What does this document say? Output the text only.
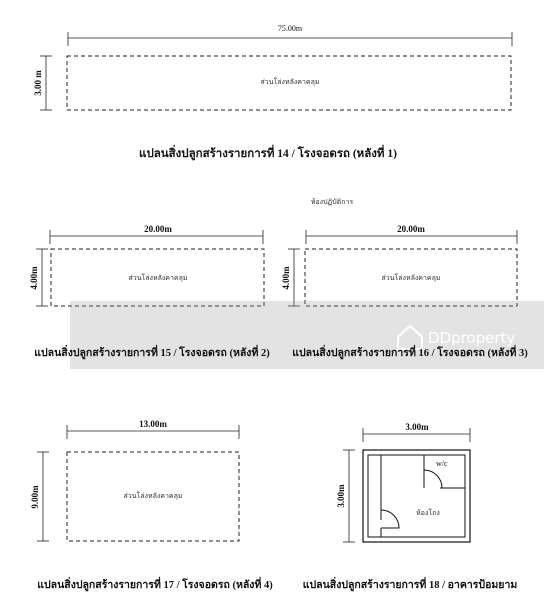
75.00m
3.00 m	ส่วนโล่งหลังคาคลุม
แปลนสิ่งปลูกสร้างรายการที่ 14 / โรงจอดรถ (หลังที่ 1)
ห้องปฏิบัติการ
20.00m
4.00m	ส่วนโล่งหลังคาคลุม
20.00m
4.00m	ส่วนโล่งหลังคาคลุม
DDproperty
แปลนสิ่งปลูกสร้างรายการที่ 15 / โรงจอดรถ (หลังที่ 2) แปลนสิ่งปลูกสร้างรายการที่ 16 / โรงจอดรถ (หลังที่ 3)
13.00m
9.00m	ส่วนโล่งหลังคาคลุม
แปลนสิ่งปลูกสร้างรายการที่ 17 / โรงจอดรถ (หลังที่ 4)
3.00m
3.00m
w/c
ห้องโถง
แปลนสิ่งปลูกสร้างรายการที่ 18 / อาคารป้อมยาม
